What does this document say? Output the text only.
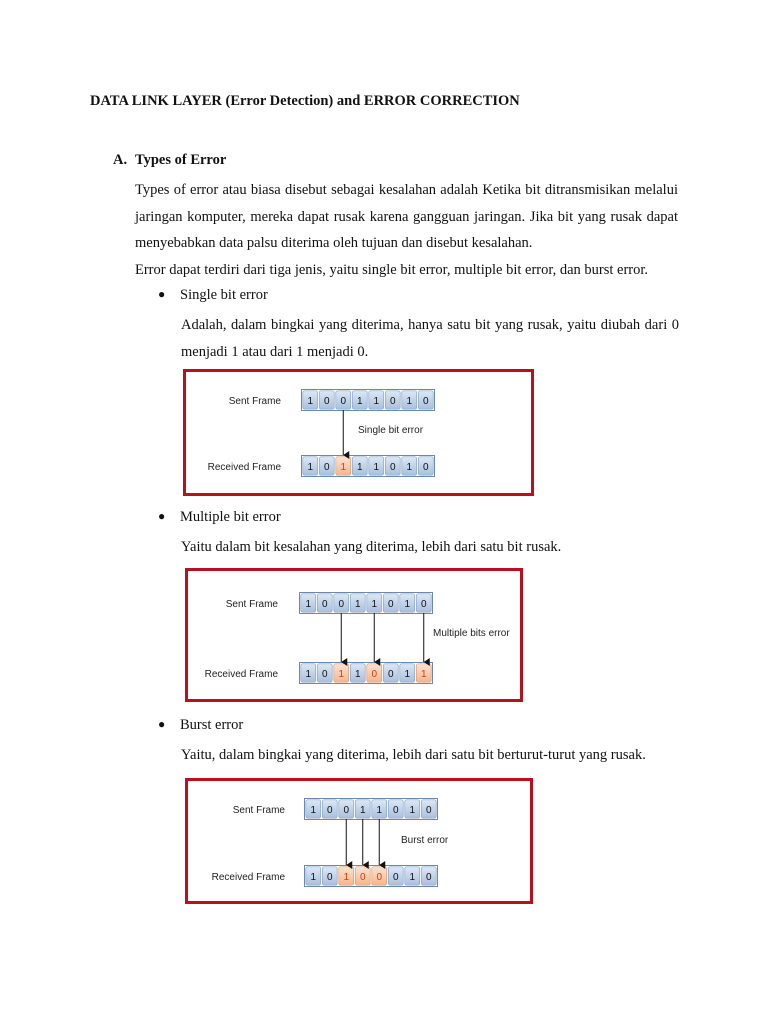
DATA LINK LAYER (Error Detection) and ERROR CORRECTION
A. Types of Error

Types of error atau biasa disebut sebagai kesalahan adalah Ketika bit ditransmisikan melalui jaringan komputer, mereka dapat rusak karena gangguan jaringan. Jika bit yang rusak dapat menyebabkan data palsu diterima oleh tujuan dan disebut kesalahan.

Error dapat terdiri dari tiga jenis, yaitu single bit error, multiple bit error, dan burst error.

● Single bit error

Adalah, dalam bingkai yang diterima, hanya satu bit yang rusak, yaitu diubah dari 0 menjadi 1 atau dari 1 menjadi 0.

Sent Frame
Received Frame
1 0 0 1 1 0 1 0
1 0 1 1 1 0 1 0
Single bit error
● Multiple bit error

Yaitu dalam bit kesalahan yang diterima, lebih dari satu bit rusak.

Sent Frame
Received Frame
1 0 0 1 1 0 1 0
1 0 1 1 0 0 1 1
Multiple bits error
● Burst error

Yaitu, dalam bingkai yang diterima, lebih dari satu bit berturut-turut yang rusak.

Sent Frame
Received Frame
1 0 0 1 1 0 1 0
1 0 1 0 0 0 1 0
Burst error
